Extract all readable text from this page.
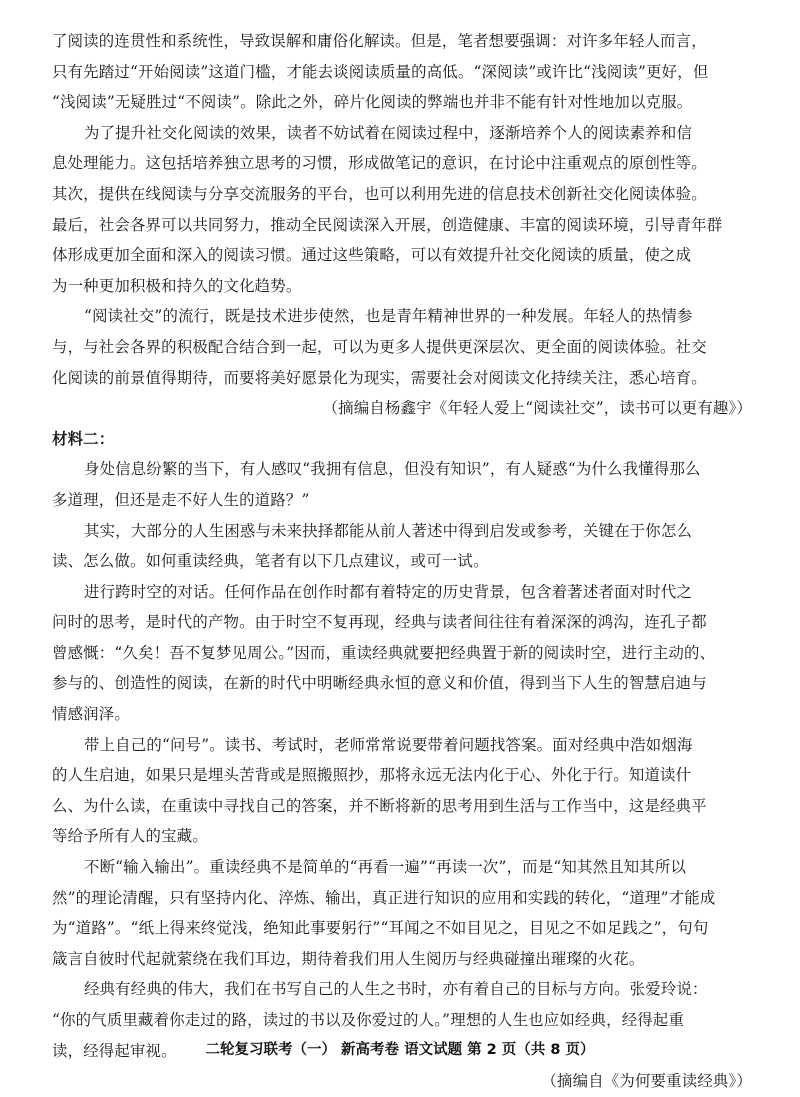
了阅读的连贯性和系统性，导致误解和庸俗化解读。但是，笔者想要强调：对许多年轻人而言，
只有先踏过“开始阅读”这道门槛，才能去谈阅读质量的高低。“深阅读”或许比“浅阅读”更好，但
“浅阅读”无疑胜过“不阅读”。除此之外，碎片化阅读的弊端也并非不能有针对性地加以克服。
为了提升社交化阅读的效果，读者不妨试着在阅读过程中，逐渐培养个人的阅读素养和信
息处理能力。这包括培养独立思考的习惯，形成做笔记的意识，在讨论中注重观点的原创性等。
其次，提供在线阅读与分享交流服务的平台，也可以利用先进的信息技术创新社交化阅读体验。
最后，社会各界可以共同努力，推动全民阅读深入开展，创造健康、丰富的阅读环境，引导青年群
体形成更加全面和深入的阅读习惯。通过这些策略，可以有效提升社交化阅读的质量，使之成
为一种更加积极和持久的文化趋势。
“阅读社交”的流行，既是技术进步使然，也是青年精神世界的一种发展。年轻人的热情参
与，与社会各界的积极配合结合到一起，可以为更多人提供更深层次、更全面的阅读体验。社交
化阅读的前景值得期待，而要将美好愿景化为现实，需要社会对阅读文化持续关注，悉心培育。
（摘编自杨鑫宇《年轻人爱上“阅读社交”，读书可以更有趣》）
材料二：
身处信息纷繁的当下，有人感叹“我拥有信息，但没有知识”，有人疑惑“为什么我懂得那么
多道理，但还是走不好人生的道路？”
其实，大部分的人生困惑与未来抉择都能从前人著述中得到启发或参考，关键在于你怎么
读、怎么做。如何重读经典，笔者有以下几点建议，或可一试。
进行跨时空的对话。任何作品在创作时都有着特定的历史背景，包含着著述者面对时代之
问时的思考，是时代的产物。由于时空不复再现，经典与读者间往往有着深深的鸿沟，连孔子都
曾感慨：“久矣！吾不复梦见周公。”因而，重读经典就要把经典置于新的阅读时空，进行主动的、
参与的、创造性的阅读，在新的时代中明晰经典永恒的意义和价值，得到当下人生的智慧启迪与
情感润泽。
带上自己的“问号”。读书、考试时，老师常常说要带着问题找答案。面对经典中浩如烟海
的人生启迪，如果只是埋头苦背或是照搬照抄，那将永远无法内化于心、外化于行。知道读什
么、为什么读，在重读中寻找自己的答案，并不断将新的思考用到生活与工作当中，这是经典平
等给予所有人的宝藏。
不断“输入输出”。重读经典不是简单的“再看一遍”“再读一次”，而是“知其然且知其所以
然”的理论清醒，只有坚持内化、淬炼、输出，真正进行知识的应用和实践的转化，“道理”才能成
为“道路”。“纸上得来终觉浅，绝知此事要躬行”“耳闻之不如目见之，目见之不如足践之”，句句
箴言自彼时代起就萦绕在我们耳边，期待着我们用人生阅历与经典碰撞出璀璨的火花。
经典有经典的伟大，我们在书写自己的人生之书时，亦有着自己的目标与方向。张爱玲说：
“你的气质里藏着你走过的路，读过的书以及你爱过的人。”理想的人生也应如经典，经得起重
读，经得起审视。
（摘编自《为何要重读经典》）
二轮复习联考（一） 新高考卷 语文试题 第 2 页（共 8 页）
